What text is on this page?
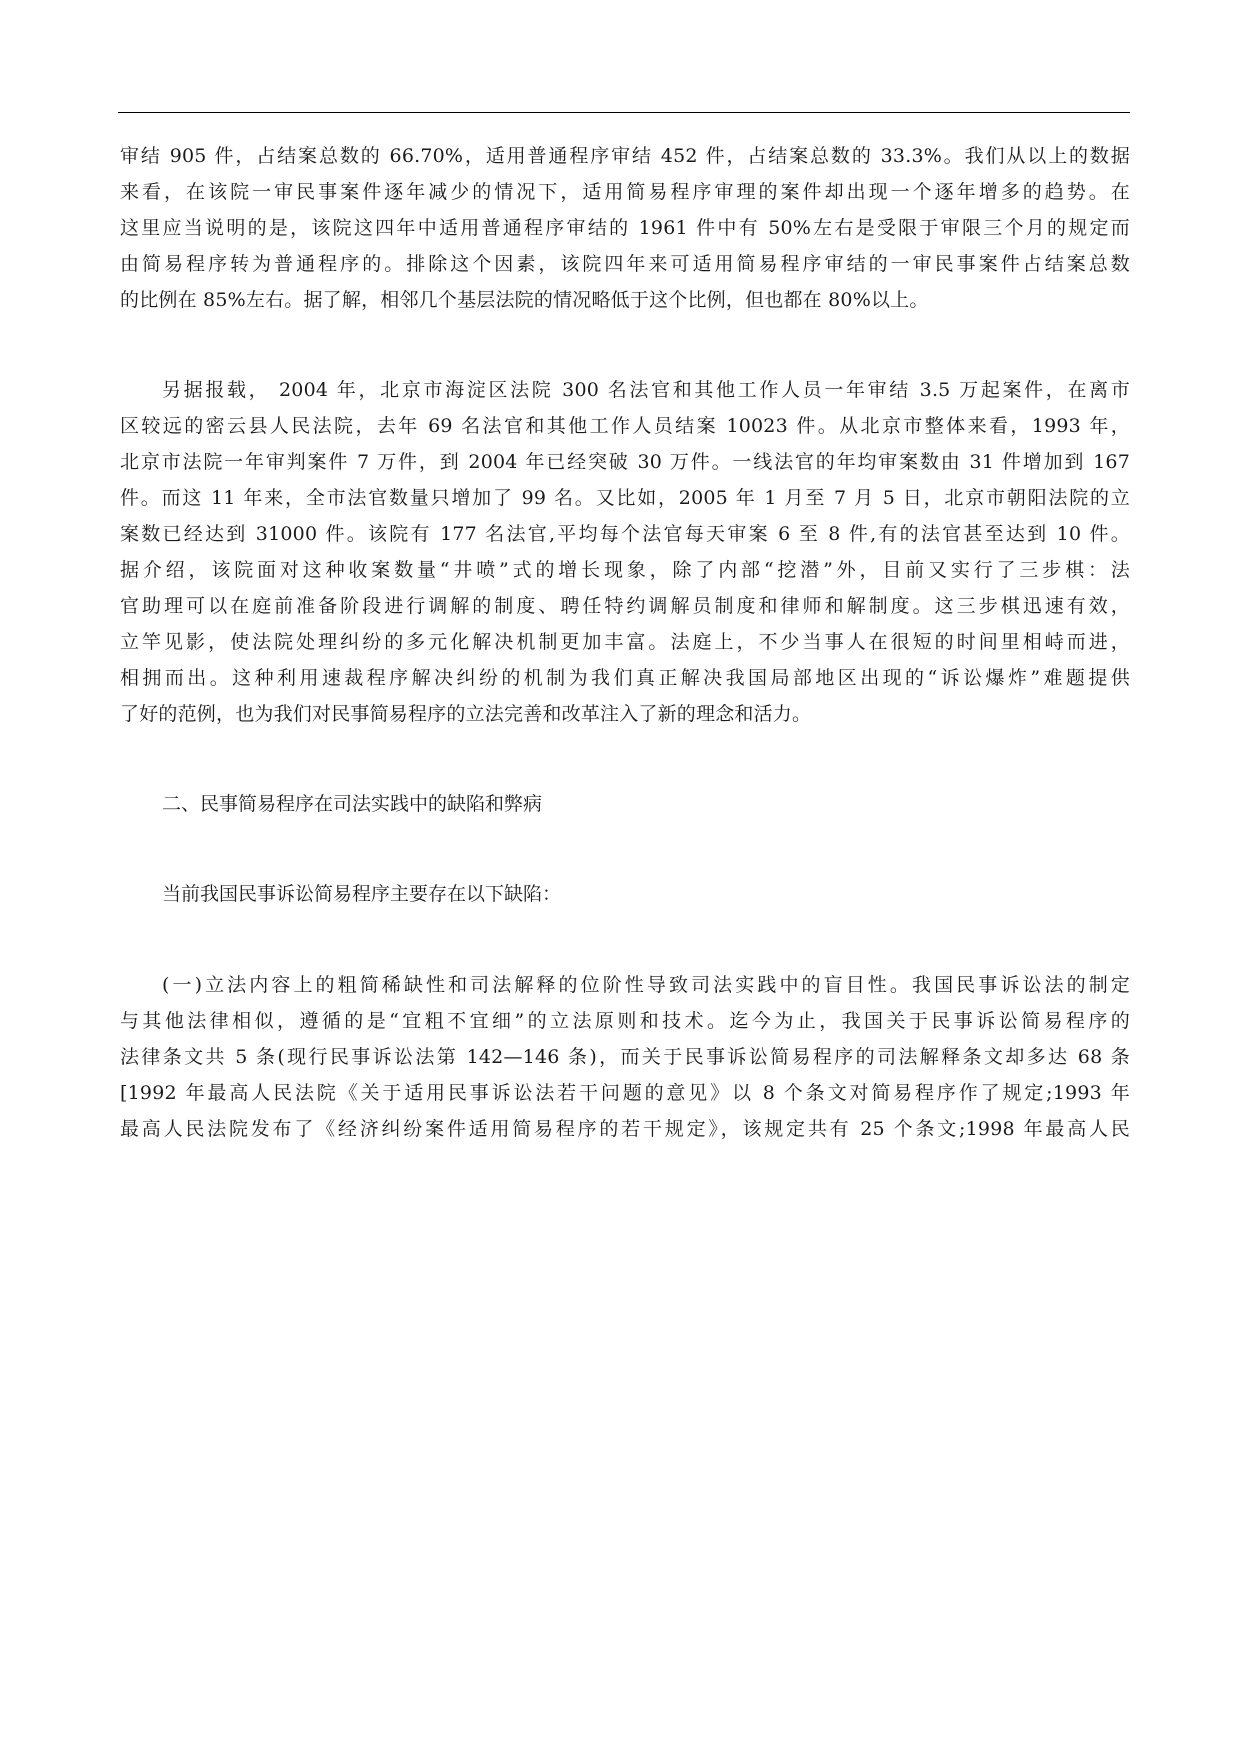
审结 905 件，占结案总数的 66.70%，适用普通程序审结 452 件，占结案总数的 33.3%。我们从以上的数据
来看，在该院一审民事案件逐年减少的情况下，适用简易程序审理的案件却出现一个逐年增多的趋势。在
这里应当说明的是，该院这四年中适用普通程序审结的 1961 件中有 50%左右是受限于审限三个月的规定而
由简易程序转为普通程序的。排除这个因素，该院四年来可适用简易程序审结的一审民事案件占结案总数
的比例在 85%左右。据了解，相邻几个基层法院的情况略低于这个比例，但也都在 80%以上。
另据报载， 2004 年，北京市海淀区法院 300 名法官和其他工作人员一年审结 3.5 万起案件，在离市
区较远的密云县人民法院，去年 69 名法官和其他工作人员结案 10023 件。从北京市整体来看，1993 年，
北京市法院一年审判案件 7 万件，到 2004 年已经突破 30 万件。一线法官的年均审案数由 31 件增加到 167
件。而这 11 年来，全市法官数量只增加了 99 名。又比如，2005 年 1 月至 7 月 5 日，北京市朝阳法院的立
案数已经达到 31000 件。该院有 177 名法官,平均每个法官每天审案 6 至 8 件,有的法官甚至达到 10 件。
据介绍，该院面对这种收案数量“井喷”式的增长现象，除了内部“挖潜”外，目前又实行了三步棋：法
官助理可以在庭前准备阶段进行调解的制度、聘任特约调解员制度和律师和解制度。这三步棋迅速有效，
立竿见影，使法院处理纠纷的多元化解决机制更加丰富。法庭上，不少当事人在很短的时间里相峙而进，
相拥而出。这种利用速裁程序解决纠纷的机制为我们真正解决我国局部地区出现的“诉讼爆炸”难题提供
了好的范例，也为我们对民事简易程序的立法完善和改革注入了新的理念和活力。
二、民事简易程序在司法实践中的缺陷和弊病
当前我国民事诉讼简易程序主要存在以下缺陷：
(一)立法内容上的粗简稀缺性和司法解释的位阶性导致司法实践中的盲目性。我国民事诉讼法的制定
与其他法律相似，遵循的是“宜粗不宜细”的立法原则和技术。迄今为止，我国关于民事诉讼简易程序的
法律条文共 5 条(现行民事诉讼法第 142—146 条)，而关于民事诉讼简易程序的司法解释条文却多达 68 条
[1992 年最高人民法院《关于适用民事诉讼法若干问题的意见》以 8 个条文对简易程序作了规定;1993 年
最高人民法院发布了《经济纠纷案件适用简易程序的若干规定》，该规定共有 25 个条文;1998 年最高人民
